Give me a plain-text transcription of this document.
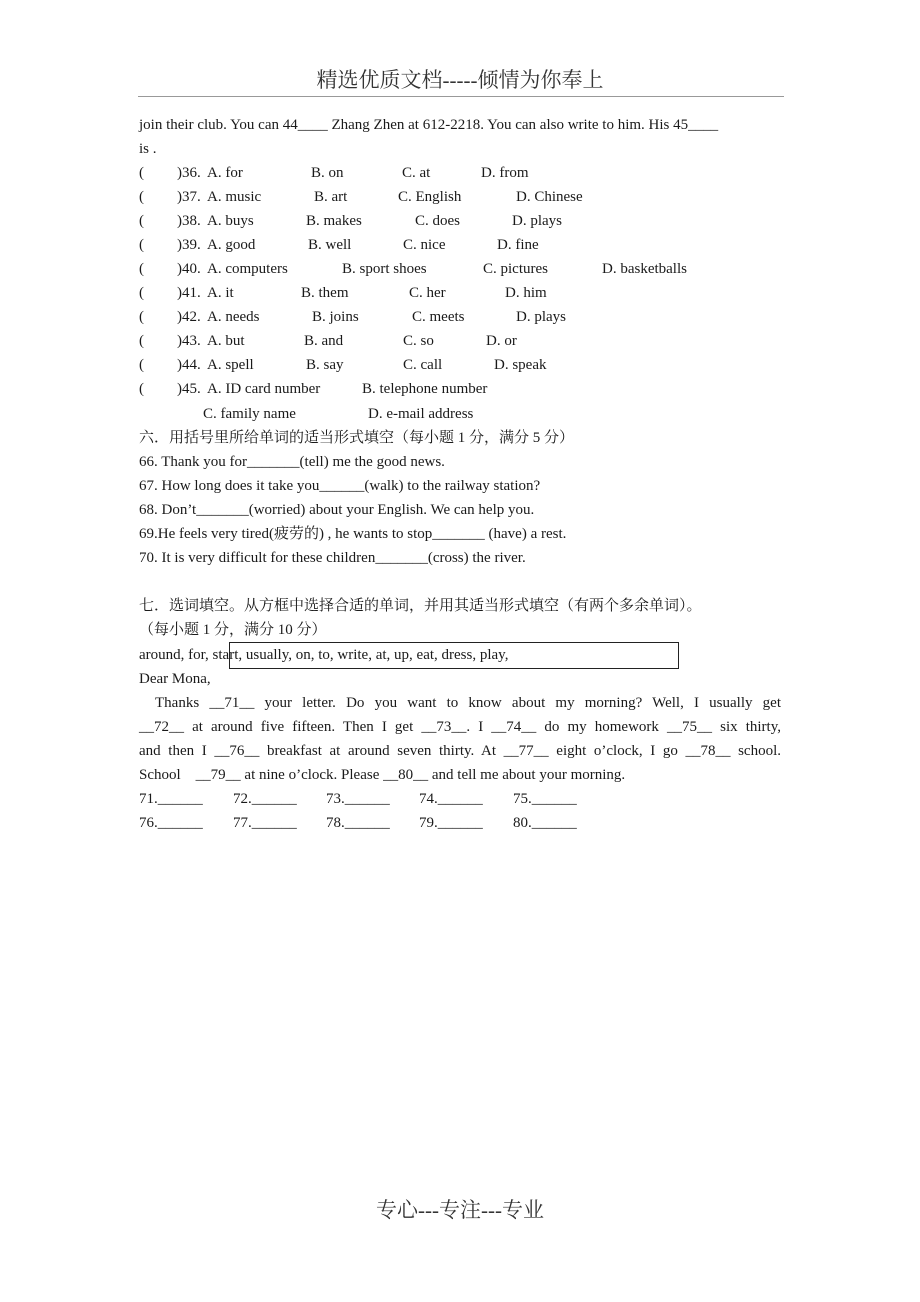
精选优质文档-----倾情为你奉上
join their club. You can 44____ Zhang Zhen at 612-2218. You can also write to him. His 45____
is .
( )36. A. for	B. on	C. at	D. from
( )37. A. music	B. art	C. English	D. Chinese
( )38. A. buys	B. makes	C. does	D. plays
( )39. A. good	B. well	C. nice	D. fine
( )40. A. computers	B. sport shoes	C. pictures	D. basketballs
( )41. A. it	B. them	C. her	D. him
( )42. A. needs	B. joins	C. meets	D. plays
( )43. A. but	B. and	C. so	D. or
( )44. A. spell	B. say	C. call	D. speak
( )45. A. ID card number	B. telephone number
C. family name	D. e-mail address
六．用括号里所给单词的适当形式填空（每小题 1 分，满分 5 分）
66. Thank you for_______(tell) me the good news.
67. How long does it take you______(walk) to the railway station?
68. Don’t_______(worried) about your English. We can help you.
69.He feels very tired(疲劳的) , he wants to stop_______ (have) a rest.
70. It is very difficult for these children_______(cross) the river.
七．选词填空。从方框中选择合适的单词，并用其适当形式填空（有两个多余单词）。
（每小题 1 分，满分 10 分）
around, for, start, usually, on, to, write, at, up, eat, dress, play,
Dear Mona,
Thanks __71__ your letter. Do you want to know about my morning? Well, I usually get
__72__ at around five fifteen. Then I get __73__. I __74__ do my homework __75__ six thirty,
and then I __76__ breakfast at around seven thirty. At __77__ eight o’clock, I go __78__ school.
School    __79__ at nine o’clock. Please __80__ and tell me about your morning.
71.______ 72.______ 73.______ 74.______ 75.______
76.______ 77.______ 78.______ 79.______ 80.______
专心---专注---专业
